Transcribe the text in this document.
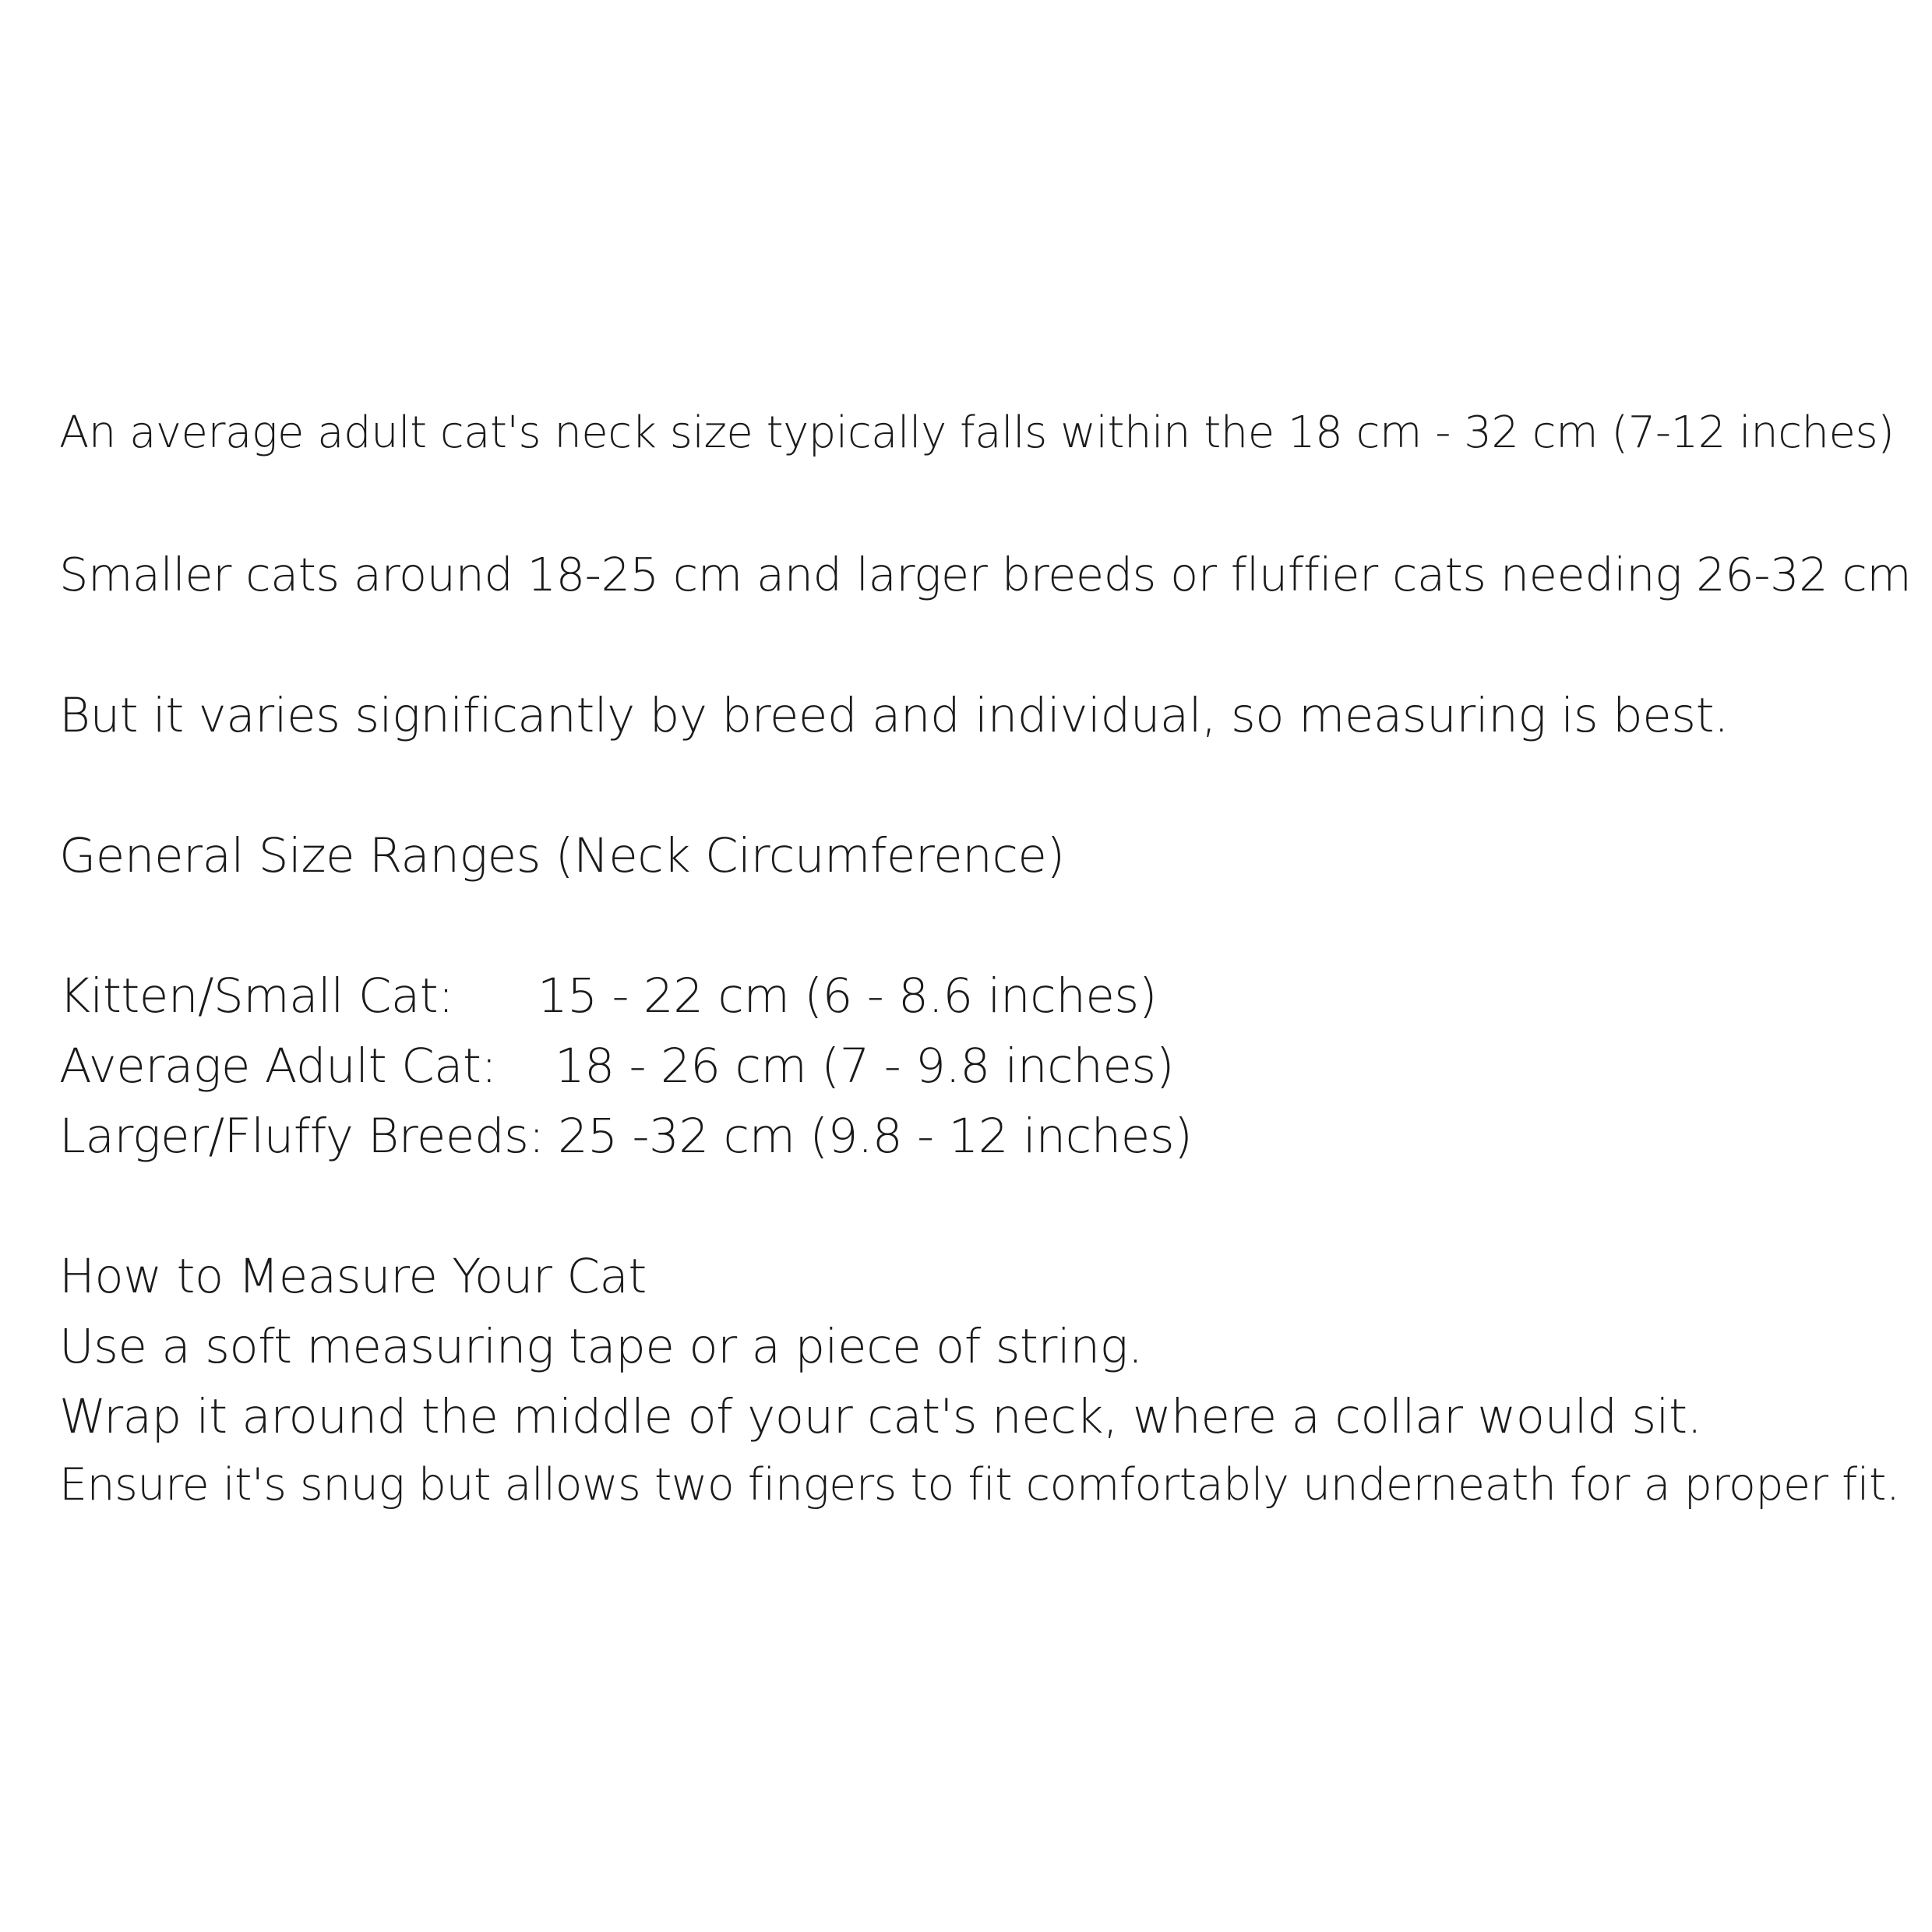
An average adult cat's neck size typically falls within the 18 cm - 32 cm (7-12 inches)
Smaller cats around 18-25 cm and larger breeds or fluffier cats needing 26-32 cm
But it varies significantly by breed and individual, so measuring is best.
General Size Ranges (Neck Circumference)
Kitten/Small Cat: 15 - 22 cm (6 - 8.6 inches)
Average Adult Cat: 18 - 26 cm (7 - 9.8 inches)
Larger/Fluffy Breeds: 25 -32 cm (9.8 - 12 inches)
How to Measure Your Cat
Use a soft measuring tape or a piece of string.
Wrap it around the middle of your cat's neck, where a collar would sit.
Ensure it's snug but allows two fingers to fit comfortably underneath for a proper fit.
